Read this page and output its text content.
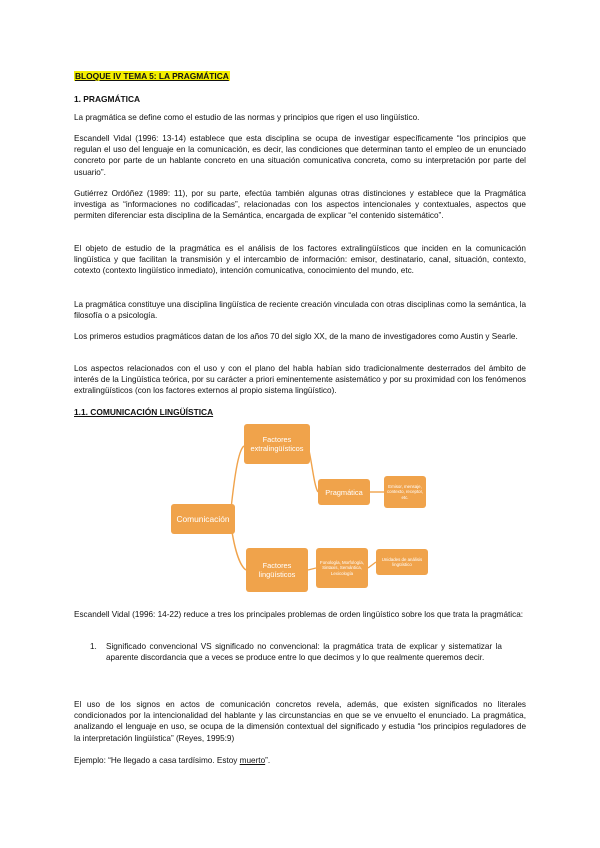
BLOQUE IV TEMA 5: LA PRAGMÁTICA
1. PRAGMÁTICA
La pragmática se define como el estudio de las normas y principios que rigen el uso lingüístico.
Escandell Vidal (1996: 13-14) establece que esta disciplina se ocupa de investigar específicamente “los principios que regulan el uso del lenguaje en la comunicación, es decir, las condiciones que determinan tanto el empleo de un enunciado concreto por parte de un hablante concreto en una situación comunicativa concreta, como su interpretación por parte del usuario”.
Gutiérrez Ordóñez (1989: 11), por su parte, efectúa también algunas otras distinciones y establece que la Pragmática investiga as “informaciones no codificadas”, relacionadas con los aspectos intencionales y contextuales, aspectos que permiten diferenciar esta disciplina de la Semántica, encargada de explicar “el contenido sistemático”.
El objeto de estudio de la pragmática es el análisis de los factores extralingüísticos que inciden en la comunicación lingüística y que facilitan la transmisión y el intercambio de información: emisor, destinatario, canal, situación, contexto, cotexto (contexto lingüístico inmediato), intención comunicativa, conocimiento del mundo, etc.
La pragmática constituye una disciplina lingüística de reciente creación vinculada con otras disciplinas como la semántica, la filosofía o a psicología.
Los primeros estudios pragmáticos datan de los años 70 del siglo XX, de la mano de investigadores como Austin y Searle.
Los aspectos relacionados con el uso y con el plano del habla habían sido tradicionalmente desterrados del ámbito de interés de la Lingüística teórica, por su carácter a priori eminentemente asistemático y por su proximidad con los fenómenos extralingüísticos (con los factores externos al propio sistema lingüístico).
1.1. COMUNICACIÓN LINGÜÍSTICA
Comunicación
Factores extralingüísticos
Pragmática
Emisor, mensaje, contexto, receptor, etc.
Factores lingüísticos
Fonología, Morfología, Sintaxis, Semántica, Lexicología
Unidades de análisis lingüístico
Escandell Vidal (1996: 14-22) reduce a tres los principales problemas de orden lingüístico sobre los que trata la pragmática:
1. Significado convencional VS significado no convencional: la pragmática trata de explicar y sistematizar la aparente discordancia que a veces se produce entre lo que decimos y lo que realmente queremos decir.
El uso de los signos en actos de comunicación concretos revela, además, que existen significados no literales condicionados por la intencionalidad del hablante y las circunstancias en que se ve envuelto el enunciado. La pragmática, analizando el lenguaje en uso, se ocupa de la dimensión contextual del significado y estudia “los principios reguladores de la interpretación lingüística” (Reyes, 1995:9)
Ejemplo: “He llegado a casa tardísimo. Estoy muerto”.
